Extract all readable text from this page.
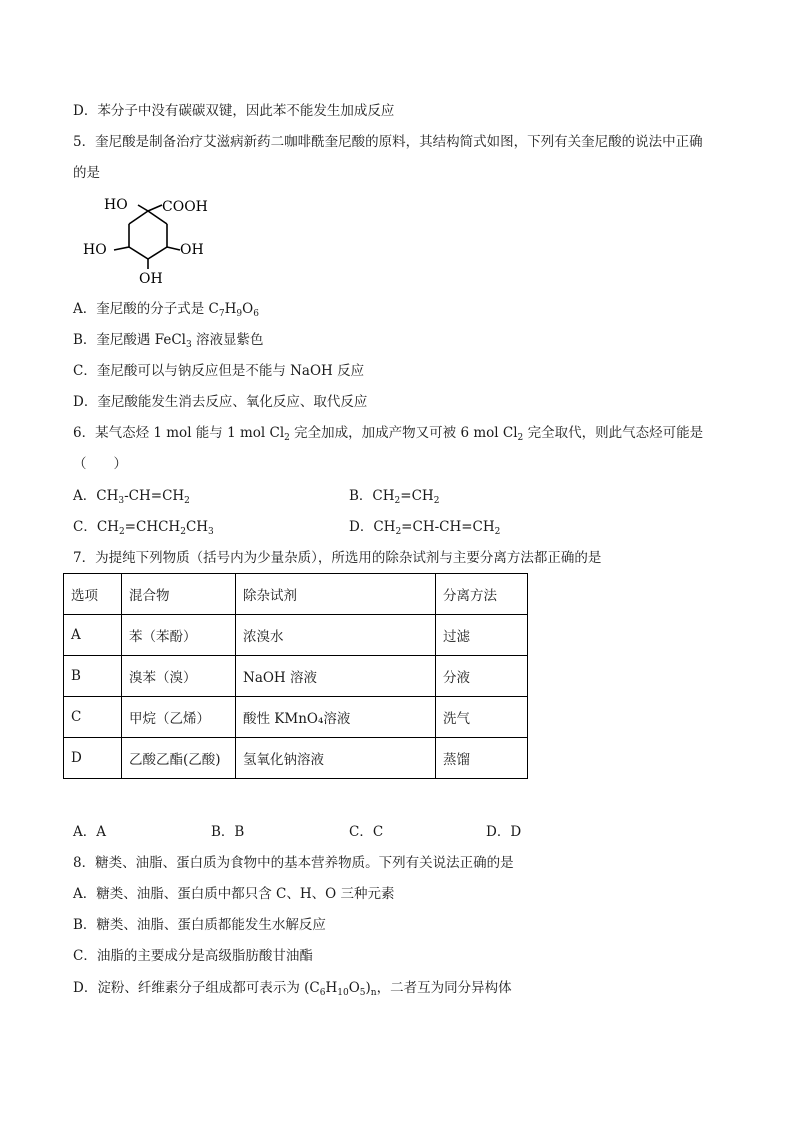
D．苯分子中没有碳碳双键，因此苯不能发生加成反应
5．奎尼酸是制备治疗艾滋病新药二咖啡酰奎尼酸的原料，其结构简式如图，下列有关奎尼酸的说法中正确
的是
HO COOH
HO	OH
OH
A．奎尼酸的分子式是 $C_7H_9O_6$
B．奎尼酸遇 FeCl$_3$ 溶液显紫色
C．奎尼酸可以与钠反应但是不能与 NaOH 反应
D．奎尼酸能发生消去反应、氧化反应、取代反应
6．某气态烃 1 mol 能与 1 mol $Cl_2$ 完全加成，加成产物又可被 6 mol $Cl_2$ 完全取代，则此气态烃可能是
（　　）
A．$CH_3-CH=CH_2$	B．$CH_2=CH_2$
C．$CH_2=CHCH_2CH_3$	D．$CH_2=CH-CH=CH_2$
7．为提纯下列物质（括号内为少量杂质），所选用的除杂试剂与主要分离方法都正确的是
选项	混合物	除杂试剂	分离方法
A	苯（苯酚）	浓溴水	过滤
B	溴苯（溴）	NaOH 溶液	分液
C	甲烷（乙烯）	酸性 KMnO₄溶液	洗气
D	乙酸乙酯(乙酸)	氢氧化钠溶液	蒸馏
A．A	B．B	C．C	D．D
8．糖类、油脂、蛋白质为食物中的基本营养物质。下列有关说法正确的是
A．糖类、油脂、蛋白质中都只含 C、H、O 三种元素
B．糖类、油脂、蛋白质都能发生水解反应
C．油脂的主要成分是高级脂肪酸甘油酯
D．淀粉、纤维素分子组成都可表示为 $(C_6H_{10}O_5)_n$，二者互为同分异构体
